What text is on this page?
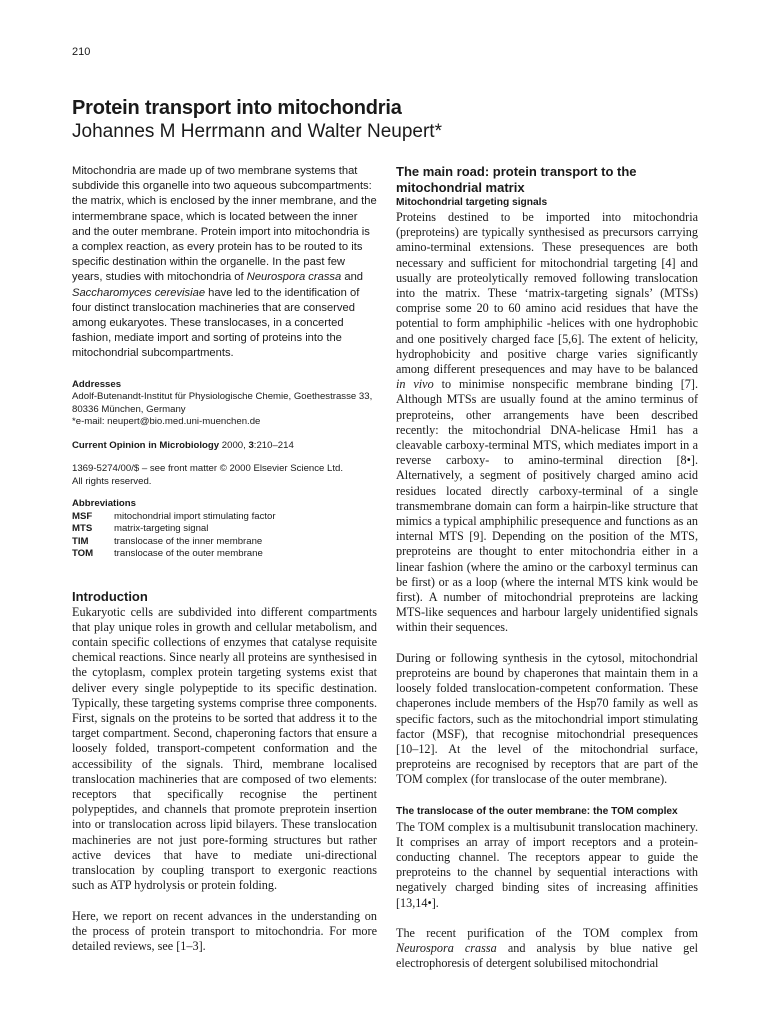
210
Protein transport into mitochondria
Johannes M Herrmann and Walter Neupert*

Mitochondria are made up of two membrane systems that subdivide this organelle into two aqueous subcompartments: the matrix, which is enclosed by the inner membrane, and the intermembrane space, which is located between the inner and the outer membrane. Protein import into mitochondria is a complex reaction, as every protein has to be routed to its specific destination within the organelle. In the past few years, studies with mitochondria of Neurospora crassa and Saccharomyces cerevisiae have led to the identification of four distinct translocation machineries that are conserved among eukaryotes. These translocases, in a concerted fashion, mediate import and sorting of proteins into the mitochondrial subcompartments.

Addresses
Adolf-Butenandt-Institut für Physiologische Chemie, Goethestrasse 33, 80336 München, Germany
*e-mail: neupert@bio.med.uni-muenchen.de
Current Opinion in Microbiology 2000, 3:210–214
1369-5274/00/$ – see front matter © 2000 Elsevier Science Ltd.
All rights reserved.
Abbreviations
MSF	mitochondrial import stimulating factor
MTS	matrix-targeting signal
TIM	translocase of the inner membrane
TOM	translocase of the outer membrane
Introduction

Eukaryotic cells are subdivided into different compartments that play unique roles in growth and cellular metabolism, and contain specific collections of enzymes that catalyse requisite chemical reactions. Since nearly all proteins are synthesised in the cytoplasm, complex protein targeting systems exist that deliver every single polypeptide to its specific destination. Typically, these targeting systems comprise three components. First, signals on the proteins to be sorted that address it to the target compartment. Second, chaperoning factors that ensure a loosely folded, transport-competent conformation and the accessibility of the signals. Third, membrane localised translocation machineries that are composed of two elements: receptors that specifically recognise the pertinent polypeptides, and channels that promote preprotein insertion into or translocation across lipid bilayers. These translocation machineries are not just pore-forming structures but rather active devices that have to mediate uni-directional translocation by coupling transport to exergonic reactions such as ATP hydrolysis or protein folding.

Here, we report on recent advances in the understanding on the process of protein transport to mitochondria. For more detailed reviews, see [1–3].

The main road: protein transport to the mitochondrial matrix
Mitochondrial targeting signals

Proteins destined to be imported into mitochondria (preproteins) are typically synthesised as precursors carrying amino-terminal extensions. These presequences are both necessary and sufficient for mitochondrial targeting [4] and usually are proteolytically removed following translocation into the matrix. These ‘matrix-targeting signals’ (MTSs) comprise some 20 to 60 amino acid residues that have the potential to form amphiphilic -helices with one hydrophobic and one positively charged face [5,6]. The extent of helicity, hydrophobicity and positive charge varies significantly among different presequences and may have to be balanced in vivo to minimise nonspecific membrane binding [7]. Although MTSs are usually found at the amino terminus of preproteins, other arrangements have been described recently: the mitochondrial DNA-helicase Hmi1 has a cleavable carboxy-terminal MTS, which mediates import in a reverse carboxy- to amino-terminal direction [8•]. Alternatively, a segment of positively charged amino acid residues located directly carboxy-terminal of a single transmembrane domain can form a hairpin-like structure that mimics a typical amphiphilic presequence and functions as an internal MTS [9]. Depending on the position of the MTS, preproteins are thought to enter mitochondria either in a linear fashion (where the amino or the carboxyl terminus can be first) or as a loop (where the internal MTS kink would be first). A number of mitochondrial preproteins are lacking MTS-like sequences and harbour largely unidentified signals within their sequences.

During or following synthesis in the cytosol, mitochondrial preproteins are bound by chaperones that maintain them in a loosely folded translocation-competent conformation. These chaperones include members of the Hsp70 family as well as specific factors, such as the mitochondrial import stimulating factor (MSF), that recognise mitochondrial presequences [10–12]. At the level of the mitochondrial surface, preproteins are recognised by receptors that are part of the TOM complex (for translocase of the outer membrane).

The translocase of the outer membrane: the TOM complex

The TOM complex is a multisubunit translocation machinery. It comprises an array of import receptors and a protein-conducting channel. The receptors appear to guide the preproteins to the channel by sequential interactions with negatively charged binding sites of increasing affinities [13,14•].

The recent purification of the TOM complex from Neurospora crassa and analysis by blue native gel electrophoresis of detergent solubilised mitochondrial
